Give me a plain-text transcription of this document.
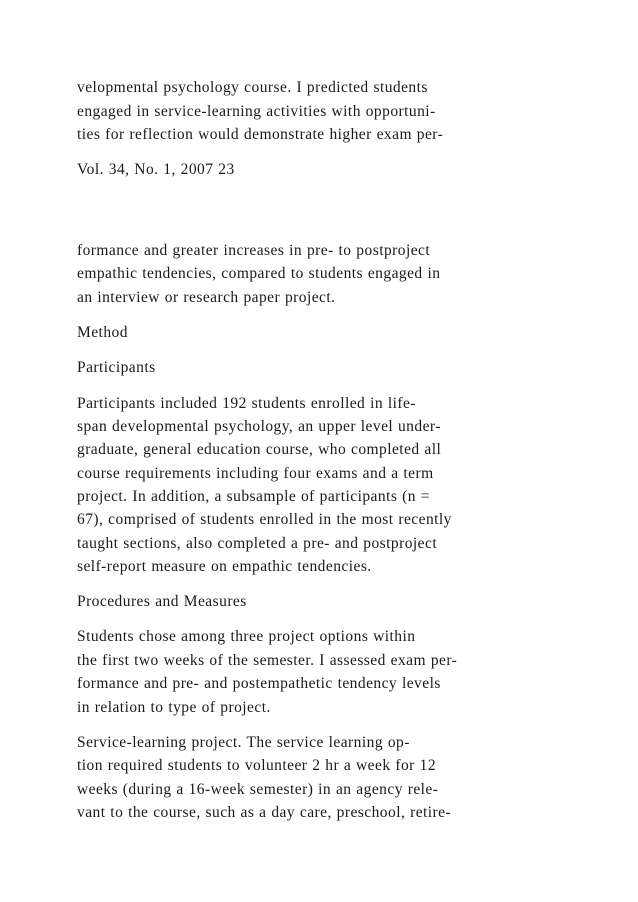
velopmental psychology course. I predicted students

engaged in service-learning activities with opportuni-

ties for reflection would demonstrate higher exam per-

Vol. 34, No. 1, 2007 23

formance and greater increases in pre- to postproject

empathic tendencies, compared to students engaged in

an interview or research paper project.

Method

Participants

Participants included 192 students enrolled in life-

span developmental psychology, an upper level under-

graduate, general education course, who completed all

course requirements including four exams and a term

project. In addition, a subsample of participants (n =

67), comprised of students enrolled in the most recently

taught sections, also completed a pre- and postproject

self-report measure on empathic tendencies.

Procedures and Measures

Students chose among three project options within

the first two weeks of the semester. I assessed exam per-

formance and pre- and postempathetic tendency levels

in relation to type of project.

Service-learning project. The service learning op-

tion required students to volunteer 2 hr a week for 12

weeks (during a 16-week semester) in an agency rele-

vant to the course, such as a day care, preschool, retire-
